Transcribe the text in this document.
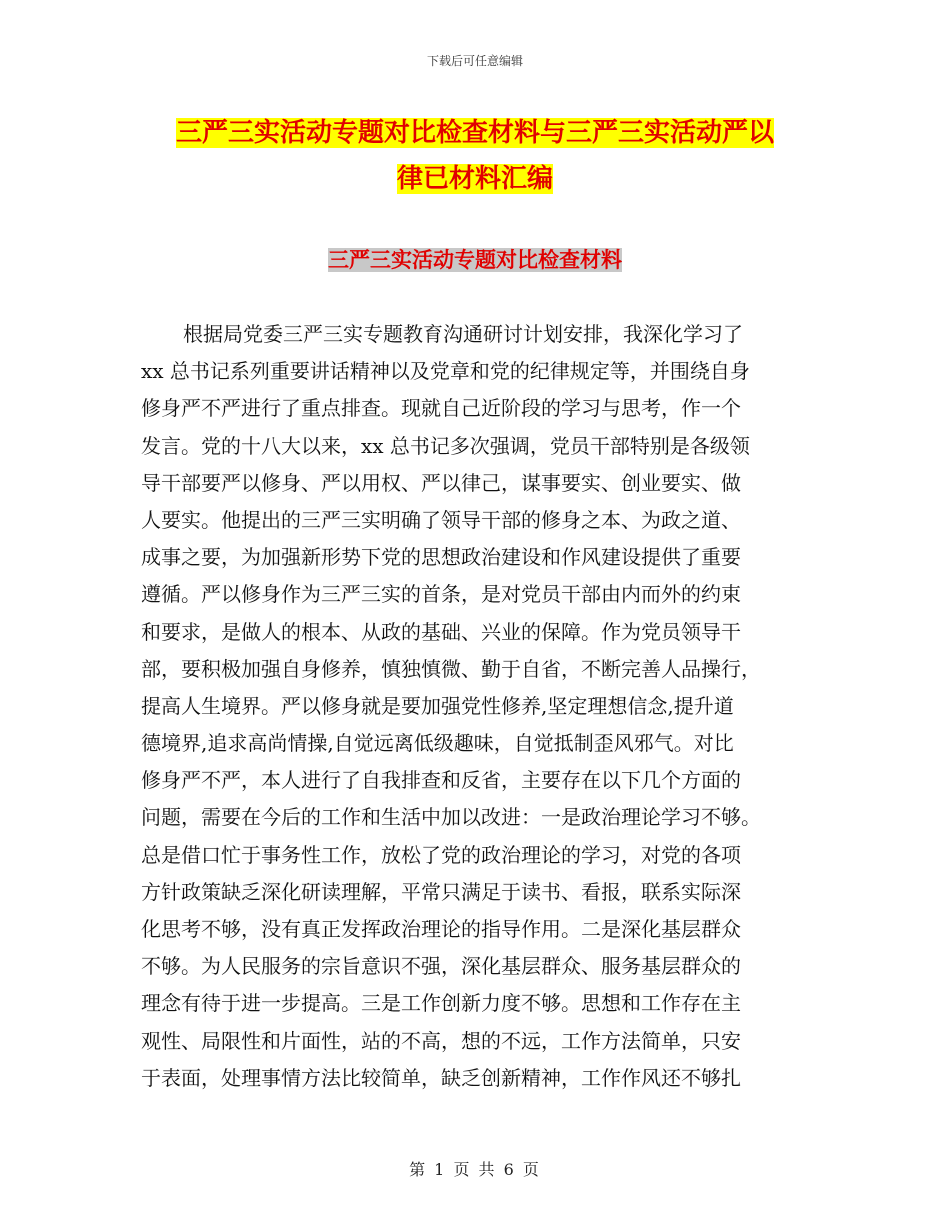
下载后可任意编辑
三严三实活动专题对比检查材料与三严三实活动严以
律已材料汇编
三严三实活动专题对比检查材料
根据局党委三严三实专题教育沟通研讨计划安排，我深化学习了
xx 总书记系列重要讲话精神以及党章和党的纪律规定等，并围绕自身
修身严不严进行了重点排查。现就自己近阶段的学习与思考，作一个
发言。党的十八大以来，xx 总书记多次强调，党员干部特别是各级领
导干部要严以修身、严以用权、严以律己，谋事要实、创业要实、做
人要实。他提出的三严三实明确了领导干部的修身之本、为政之道、
成事之要，为加强新形势下党的思想政治建设和作风建设提供了重要
遵循。严以修身作为三严三实的首条，是对党员干部由内而外的约束
和要求，是做人的根本、从政的基础、兴业的保障。作为党员领导干
部，要积极加强自身修养，慎独慎微、勤于自省，不断完善人品操行，
提高人生境界。严以修身就是要加强党性修养,坚定理想信念,提升道
德境界,追求高尚情操,自觉远离低级趣味，自觉抵制歪风邪气。对比
修身严不严，本人进行了自我排查和反省，主要存在以下几个方面的
问题，需要在今后的工作和生活中加以改进：一是政治理论学习不够。
总是借口忙于事务性工作，放松了党的政治理论的学习，对党的各项
方针政策缺乏深化研读理解，平常只满足于读书、看报，联系实际深
化思考不够，没有真正发挥政治理论的指导作用。二是深化基层群众
不够。为人民服务的宗旨意识不强，深化基层群众、服务基层群众的
理念有待于进一步提高。三是工作创新力度不够。思想和工作存在主
观性、局限性和片面性，站的不高，想的不远，工作方法简单，只安
于表面，处理事情方法比较简单，缺乏创新精神，工作作风还不够扎
第 1 页 共 6 页
